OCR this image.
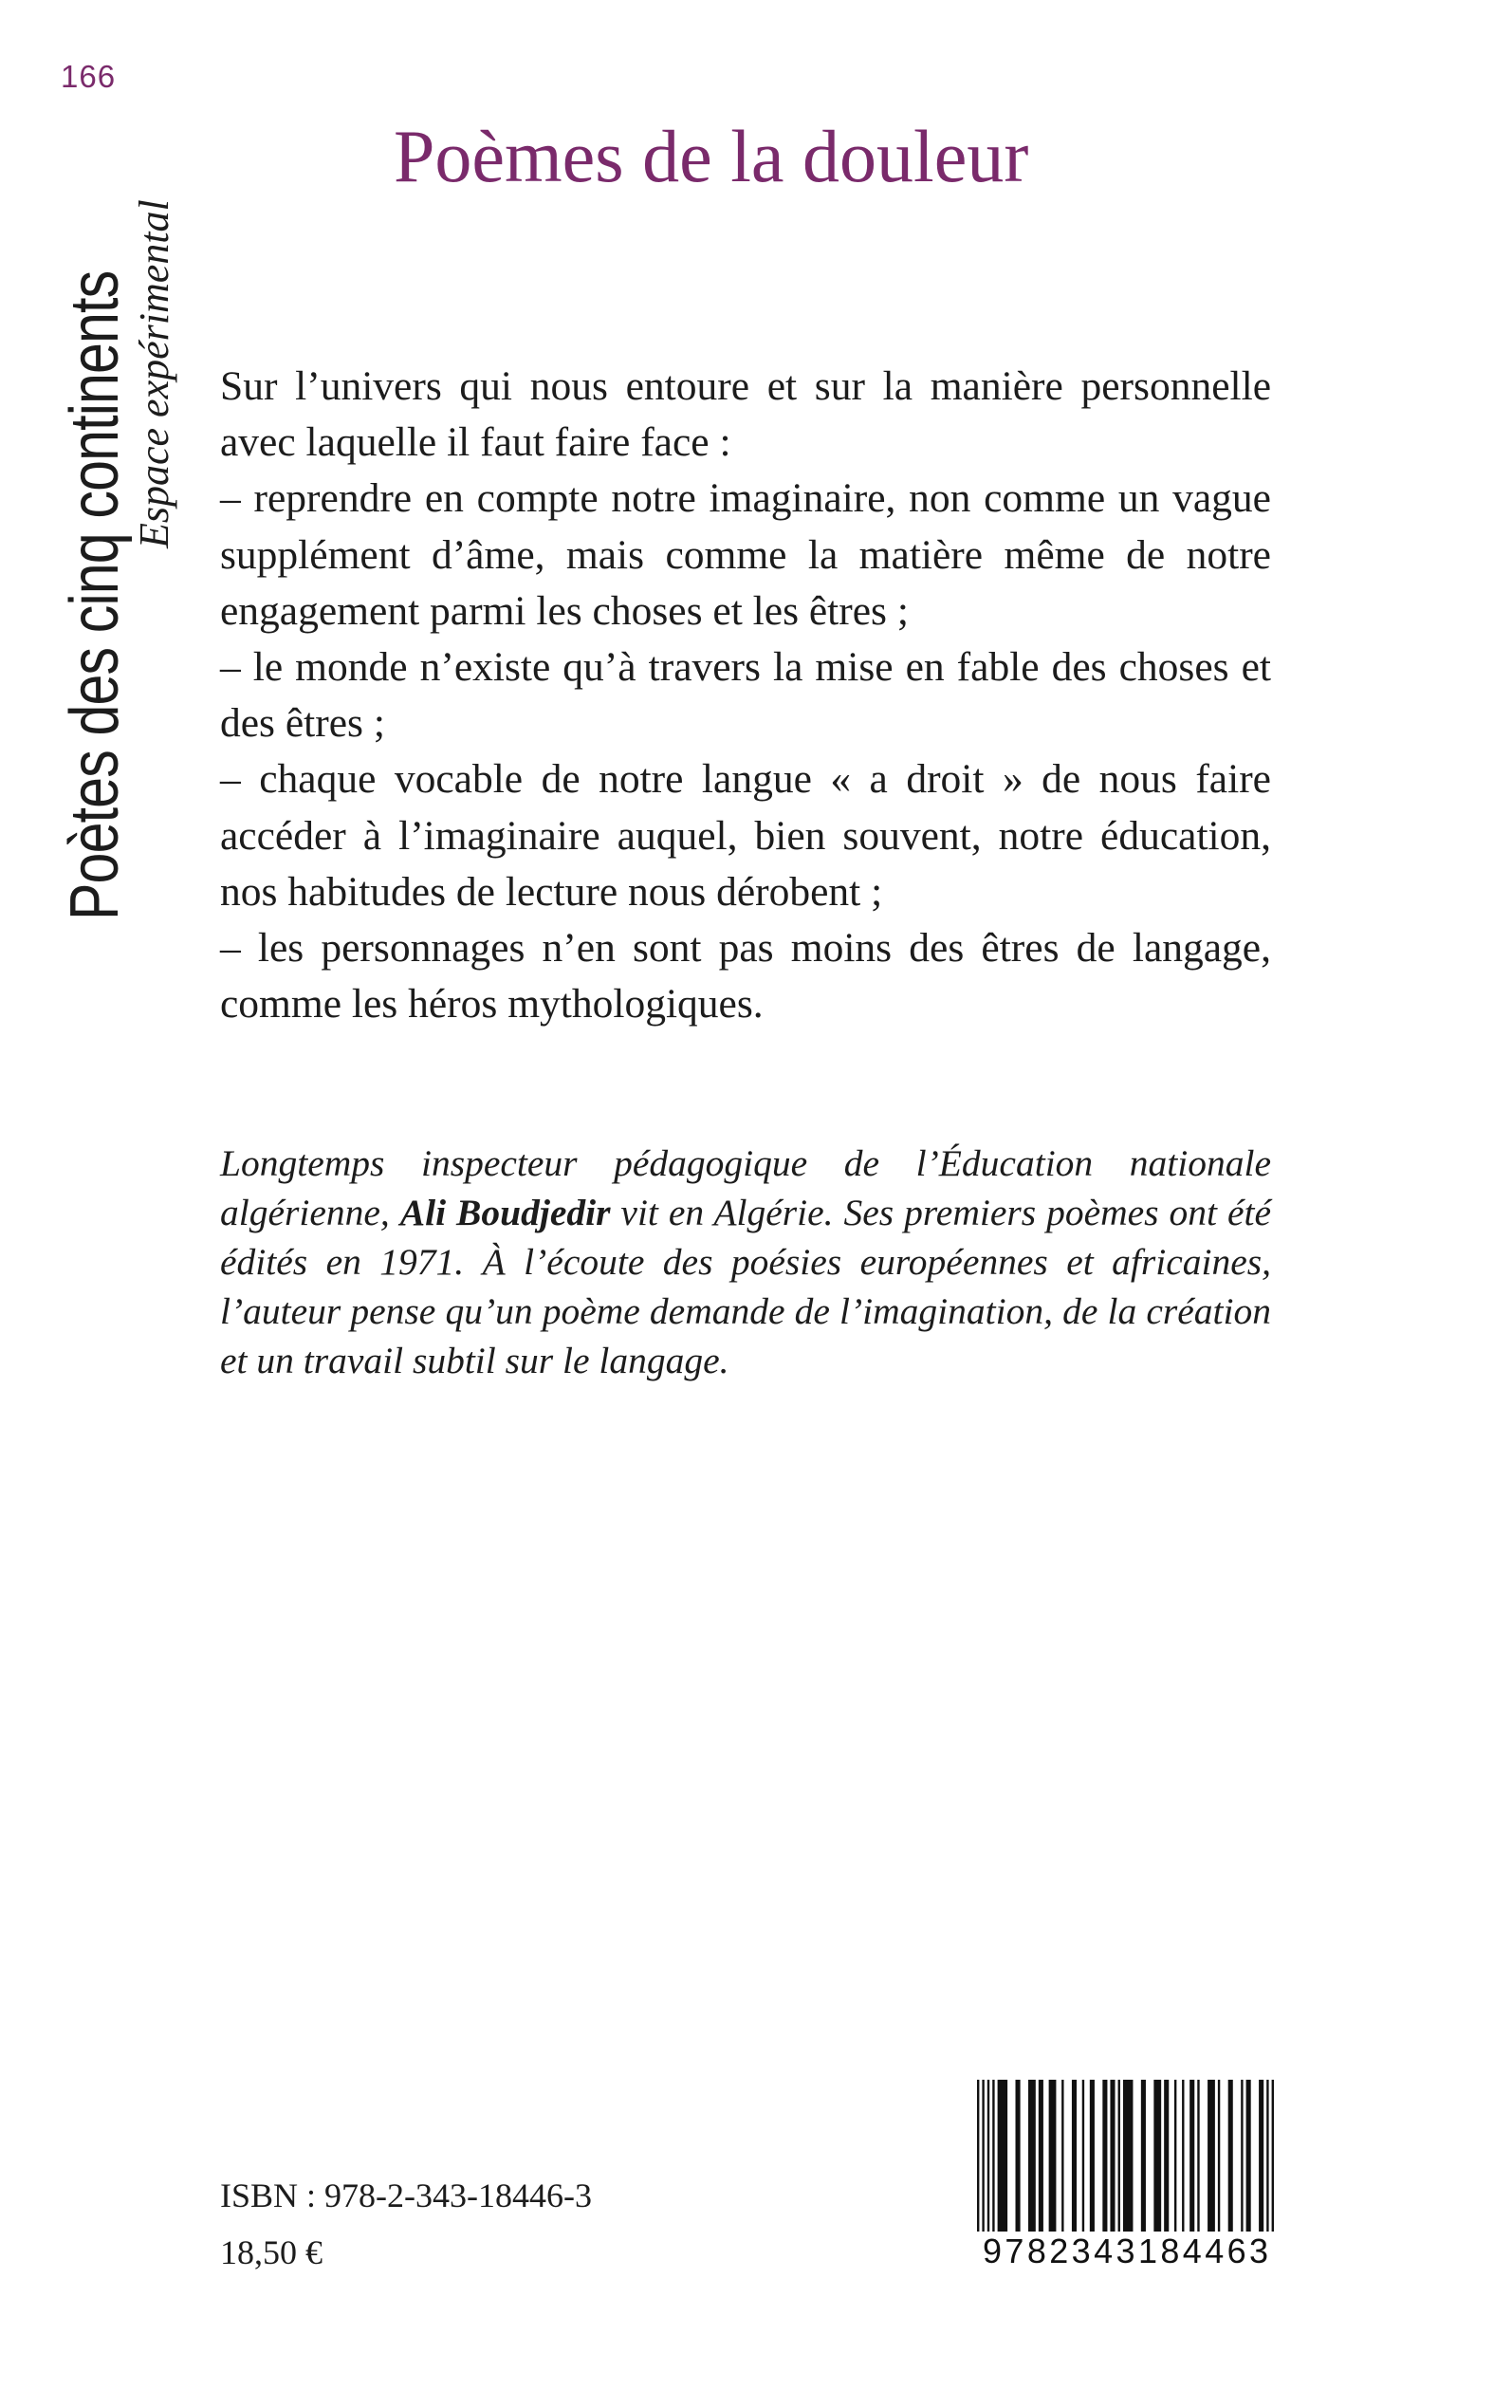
166
Poètes des cinq continents
Espace expérimental
Poèmes de la douleur

Sur l’univers qui nous entoure et sur la manière personnelle avec laquelle il faut faire face :

– reprendre en compte notre imaginaire, non comme un vague supplément d’âme, mais comme la matière même de notre engagement parmi les choses et les êtres ;

– le monde n’existe qu’à travers la mise en fable des choses et des êtres ;

– chaque vocable de notre langue « a droit » de nous faire accéder à l’imaginaire auquel, bien souvent, notre éducation, nos habitudes de lecture nous dérobent ;

– les personnages n’en sont pas moins des êtres de langage, comme les héros mythologiques.

Longtemps inspecteur pédagogique de l’Éducation nationale algérienne, Ali Boudjedir vit en Algérie. Ses premiers poèmes ont été édités en 1971. À l’écoute des poésies européennes et africaines, l’auteur pense qu’un poème demande de l’imagination, de la création et un travail subtil sur le langage.
ISBN : 978-2-343-18446-3
18,50 €	9782343184463
